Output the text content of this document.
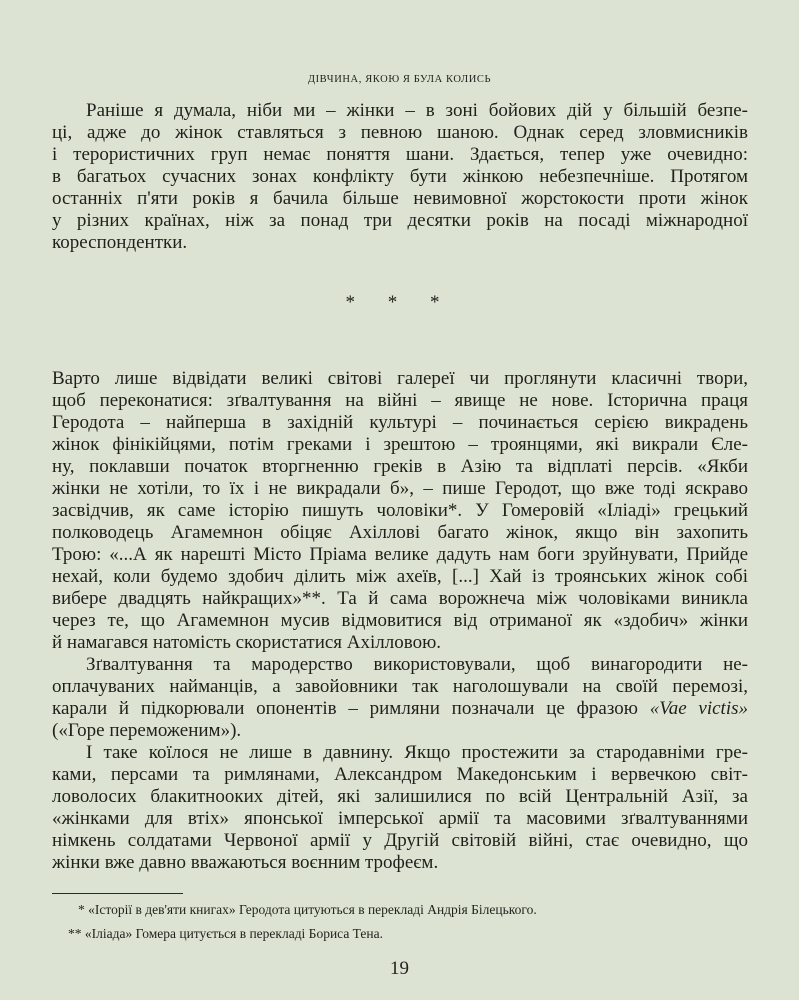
ДІВЧИНА, ЯКОЮ Я БУЛА КОЛИСЬ
Раніше я думала, ніби ми – жінки – в зоні бойових дій у більшій безпе-
ці, адже до жінок ставляться з певною шаною. Однак серед зловмисників
і терористичних груп немає поняття шани. Здається, тепер уже очевидно:
в багатьох сучасних зонах конфлікту бути жінкою небезпечніше. Протягом
останніх п'яти років я бачила більше невимовної жорстокости проти жінок
у різних країнах, ніж за понад три десятки років на посаді міжнародної
кореспондентки.
* * *
Варто лише відвідати великі світові галереї чи проглянути класичні твори,
щоб переконатися: зґвалтування на війні – явище не нове. Історична праця
Геродота – найперша в західній культурі – починається серією викрадень
жінок фінікійцями, потім греками і зрештою – троянцями, які викрали Єле-
ну, поклавши початок вторгненню греків в Азію та відплаті персів. «Якби
жінки не хотіли, то їх і не викрадали б», – пише Геродот, що вже тоді яскраво
засвідчив, як саме історію пишуть чоловіки*. У Гомеровій «Іліаді» грецький
полководець Агамемнон обіцяє Ахіллові багато жінок, якщо він захопить
Трою: «...А як нарешті Місто Пріама велике дадуть нам боги зруйнувати, Прийде
нехай, коли будемо здобич ділить між ахеїв, [...] Хай із троянських жінок собі
вибере двадцять найкращих»**. Та й сама ворожнеча між чоловіками виникла
через те, що Агамемнон мусив відмовитися від отриманої як «здобич» жінки
й намагався натомість скористатися Ахілловою.
Зґвалтування та мародерство використовували, щоб винагородити не-
оплачуваних найманців, а завойовники так наголошували на своїй перемозі,
карали й підкорювали опонентів – римляни позначали це фразою «Vae victis»
(«Горе переможеним»).
І таке коїлося не лише в давнину. Якщо простежити за стародавніми гре-
ками, персами та римлянами, Александром Македонським і вервечкою світ-
ловолосих блакитнооких дітей, які залишилися по всій Центральній Азії, за
«жінками для втіх» японської імперської армії та масовими зґвалтуваннями
німкень солдатами Червоної армії у Другій світовій війні, стає очевидно, що
жінки вже давно вважаються воєнним трофеєм.
* «Історії в дев'яти книгах» Геродота цитуються в перекладі Андрія Білецького.
** «Іліада» Гомера цитується в перекладі Бориса Тена.
19
